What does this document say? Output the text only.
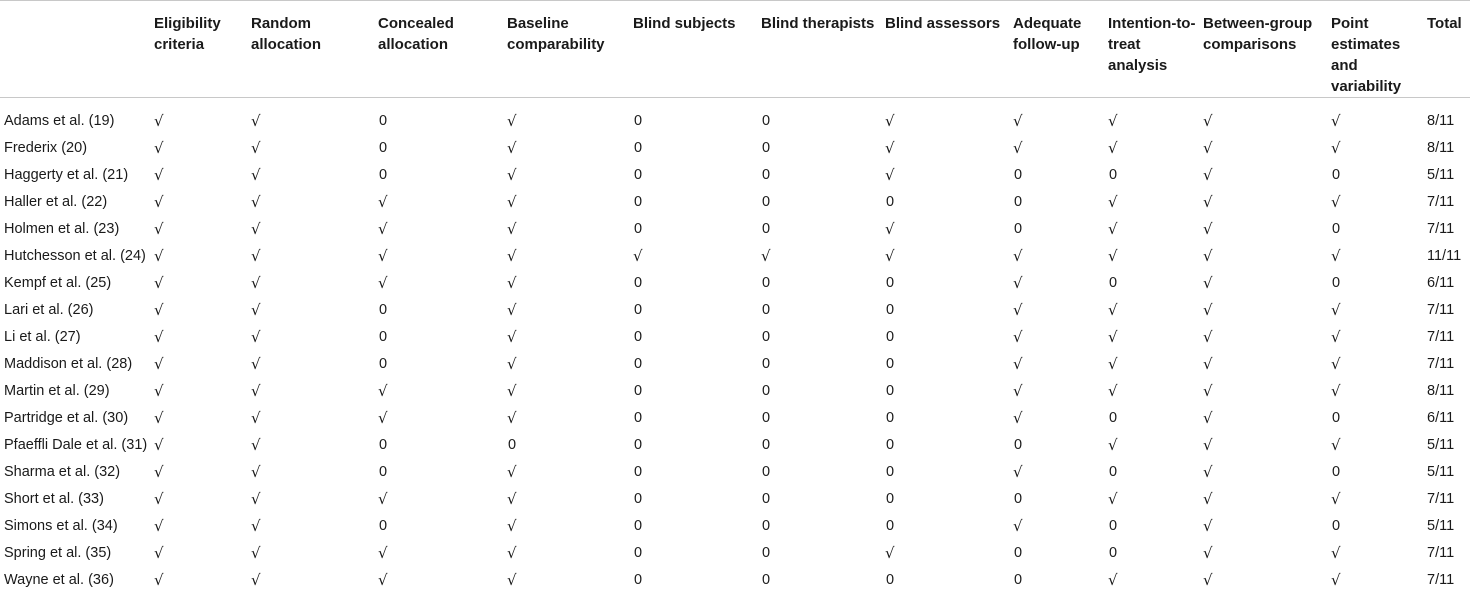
	Eligibility criteria	Random allocation	Concealed allocation	Baseline comparability	Blind subjects	Blind therapists	Blind assessors	Adequate follow-up	Intention-to-treat analysis	Between-group comparisons	Point estimates and variability	Total
Adams et al. (19)	√	√	0	√	0	0	√	√	√	√	√	8/11
Frederix (20)	√	√	0	√	0	0	√	√	√	√	√	8/11
Haggerty et al. (21)	√	√	0	√	0	0	√	0	0	√	0	5/11
Haller et al. (22)	√	√	√	√	0	0	0	0	√	√	√	7/11
Holmen et al. (23)	√	√	√	√	0	0	√	0	√	√	0	7/11
Hutchesson et al. (24)	√	√	√	√	√	√	√	√	√	√	√	11/11
Kempf et al. (25)	√	√	√	√	0	0	0	√	0	√	0	6/11
Lari et al. (26)	√	√	0	√	0	0	0	√	√	√	√	7/11
Li et al. (27)	√	√	0	√	0	0	0	√	√	√	√	7/11
Maddison et al. (28)	√	√	0	√	0	0	0	√	√	√	√	7/11
Martin et al. (29)	√	√	√	√	0	0	0	√	√	√	√	8/11
Partridge et al. (30)	√	√	√	√	0	0	0	√	0	√	0	6/11
Pfaeffli Dale et al. (31)	√	√	0	0	0	0	0	0	√	√	√	5/11
Sharma et al. (32)	√	√	0	√	0	0	0	√	0	√	0	5/11
Short et al. (33)	√	√	√	√	0	0	0	0	√	√	√	7/11
Simons et al. (34)	√	√	0	√	0	0	0	√	0	√	0	5/11
Spring et al. (35)	√	√	√	√	0	0	√	0	0	√	√	7/11
Wayne et al. (36)	√	√	√	√	0	0	0	0	√	√	√	7/11
